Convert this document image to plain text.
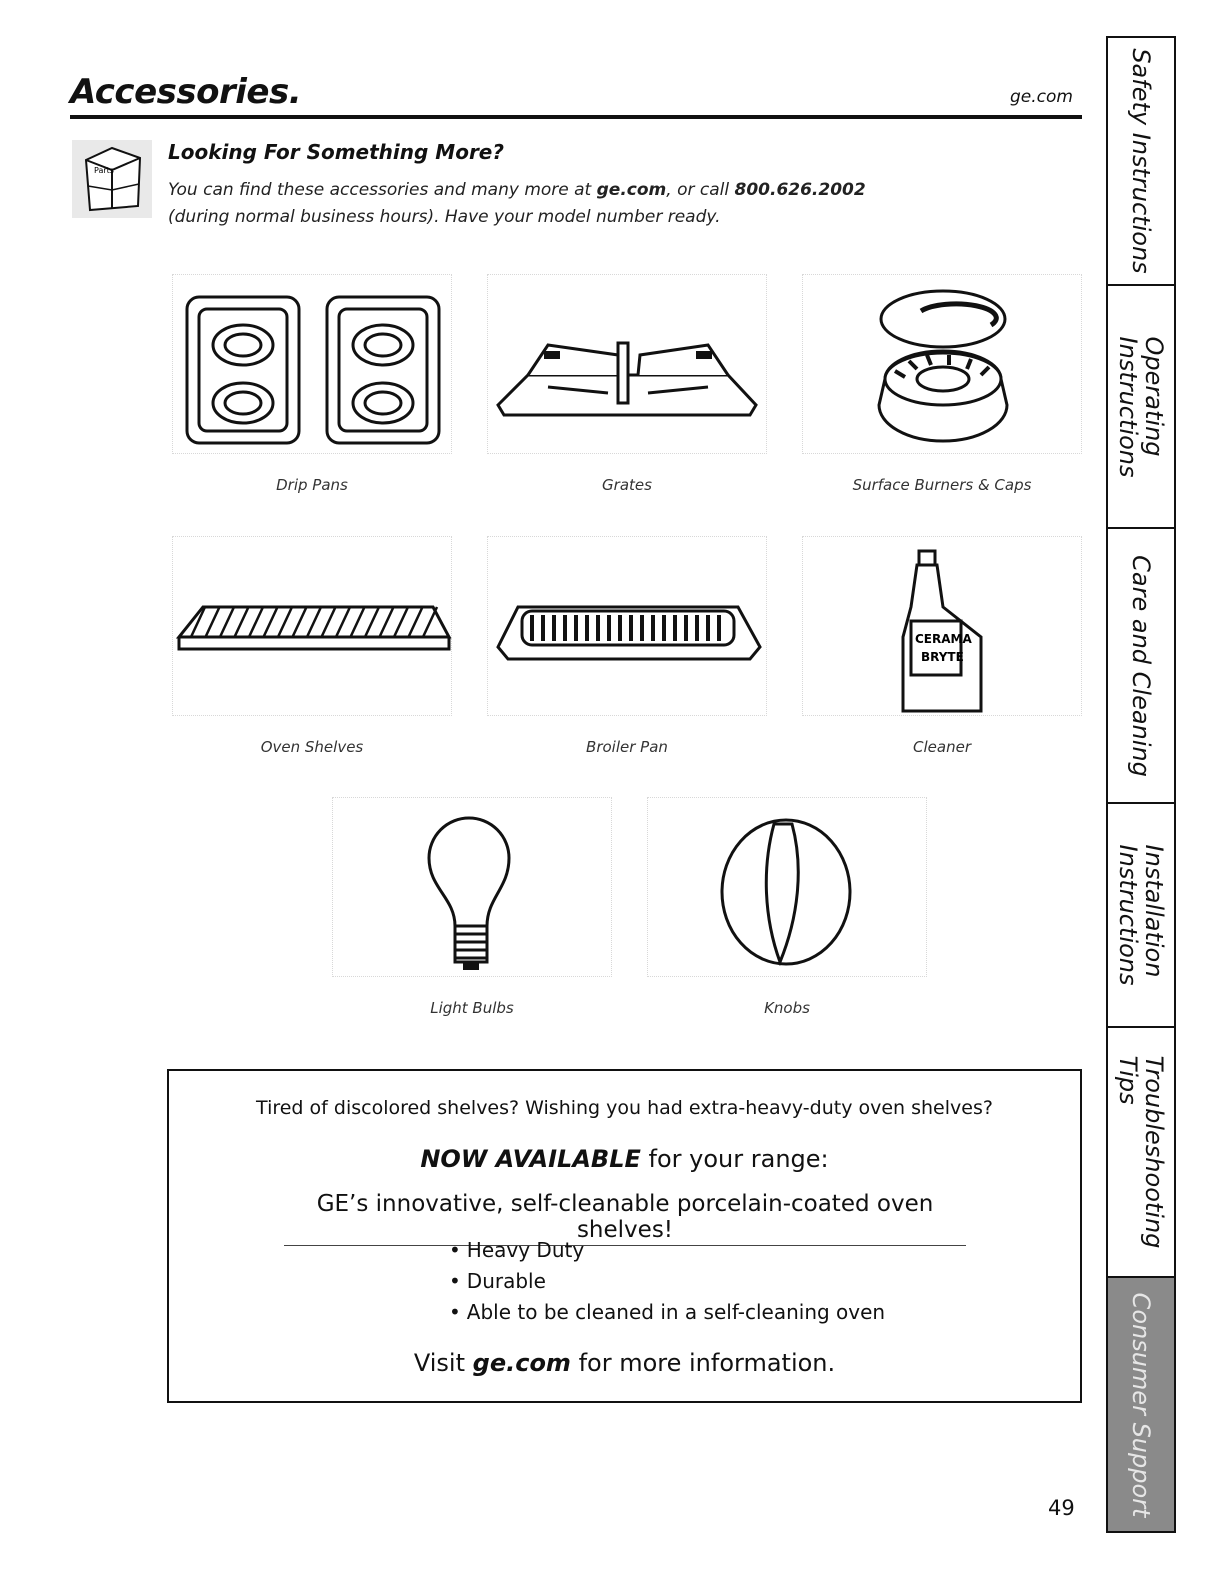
Accessories.	ge.com
Parts
Looking For Something More?
You can find these accessories and many more at ge.com, or call 800.626.2002
(during normal business hours). Have your model number ready.
Drip Pans	Grates	Surface Burners & Caps
Oven Shelves	Broiler Pan
CERAMA
BRYTE
Cleaner
Light Bulbs	Knobs
Tired of discolored shelves? Wishing you had extra-heavy-duty oven shelves?
NOW AVAILABLE for your range:
GE’s innovative, self-cleanable porcelain-coated oven shelves!
• Heavy Duty
• Durable
• Able to be cleaned in a self-cleaning oven
Visit ge.com for more information.
49
Safety Instructions
Operating
Instructions
Care and Cleaning
Installation
Instructions
Troubleshooting
Tips
Consumer Support
